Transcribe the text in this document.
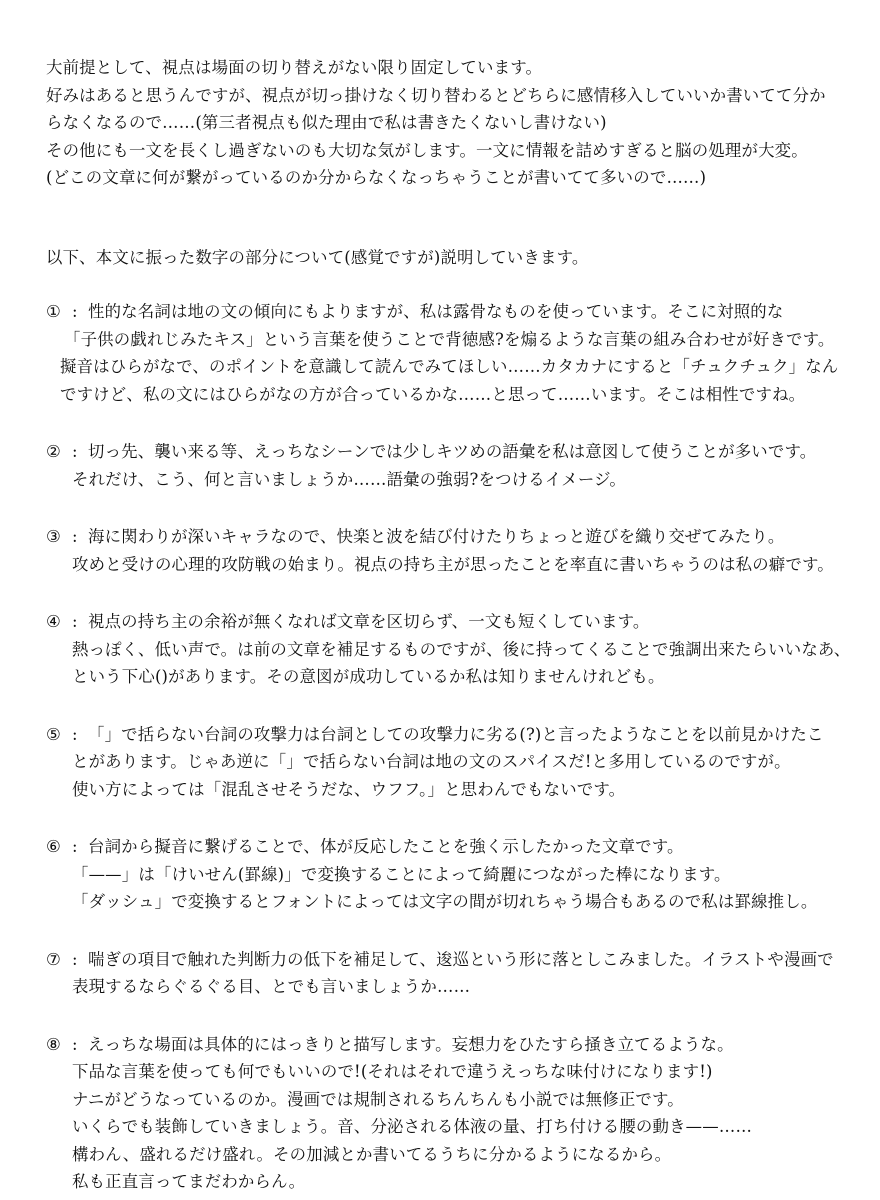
大前提として、視点は場面の切り替えがない限り固定しています。
好みはあると思うんですが、視点が切っ掛けなく切り替わるとどちらに感情移入していいか書いてて分か
らなくなるので……(第三者視点も似た理由で私は書きたくないし書けない)
その他にも一文を長くし過ぎないのも大切な気がします。一文に情報を詰めすぎると脳の処理が大変。
(どこの文章に何が繋がっているのか分からなくなっちゃうことが書いてて多いので……)
以下、本文に振った数字の部分について(感覚ですが)説明していきます。
① : 性的な名詞は地の文の傾向にもよりますが、私は露骨なものを使っています。そこに対照的な
「子供の戯れじみたキス」という言葉を使うことで背徳感?を煽るような言葉の組み合わせが好きです。
擬音はひらがなで、のポイントを意識して読んでみてほしい……カタカナにすると「チュクチュク」なん
ですけど、私の文にはひらがなの方が合っているかな……と思って……います。そこは相性ですね。
② : 切っ先、襲い来る等、えっちなシーンでは少しキツめの語彙を私は意図して使うことが多いです。
それだけ、こう、何と言いましょうか……語彙の強弱?をつけるイメージ。
③ : 海に関わりが深いキャラなので、快楽と波を結び付けたりちょっと遊びを織り交ぜてみたり。
攻めと受けの心理的攻防戦の始まり。視点の持ち主が思ったことを率直に書いちゃうのは私の癖です。
④ : 視点の持ち主の余裕が無くなれば文章を区切らず、一文も短くしています。
熱っぽく、低い声で。は前の文章を補足するものですが、後に持ってくることで強調出来たらいいなあ、
という下心()があります。その意図が成功しているか私は知りませんけれども。
⑤ : 「」で括らない台詞の攻撃力は台詞としての攻撃力に劣る(?)と言ったようなことを以前見かけたこ
とがあります。じゃあ逆に「」で括らない台詞は地の文のスパイスだ!と多用しているのですが。
使い方によっては「混乱させそうだな、ウフフ。」と思わんでもないです。
⑥ : 台詞から擬音に繋げることで、体が反応したことを強く示したかった文章です。
「——」は「けいせん(罫線)」で変換することによって綺麗につながった棒になります。
「ダッシュ」で変換するとフォントによっては文字の間が切れちゃう場合もあるので私は罫線推し。
⑦ : 喘ぎの項目で触れた判断力の低下を補足して、逡巡という形に落としこみました。イラストや漫画で
表現するならぐるぐる目、とでも言いましょうか……
⑧ : えっちな場面は具体的にはっきりと描写します。妄想力をひたすら掻き立てるような。
下品な言葉を使っても何でもいいので!(それはそれで違うえっちな味付けになります!)
ナニがどうなっているのか。漫画では規制されるちんちんも小説では無修正です。
いくらでも装飾していきましょう。音、分泌される体液の量、打ち付ける腰の動き——……
構わん、盛れるだけ盛れ。その加減とか書いてるうちに分かるようになるから。
私も正直言ってまだわからん。
